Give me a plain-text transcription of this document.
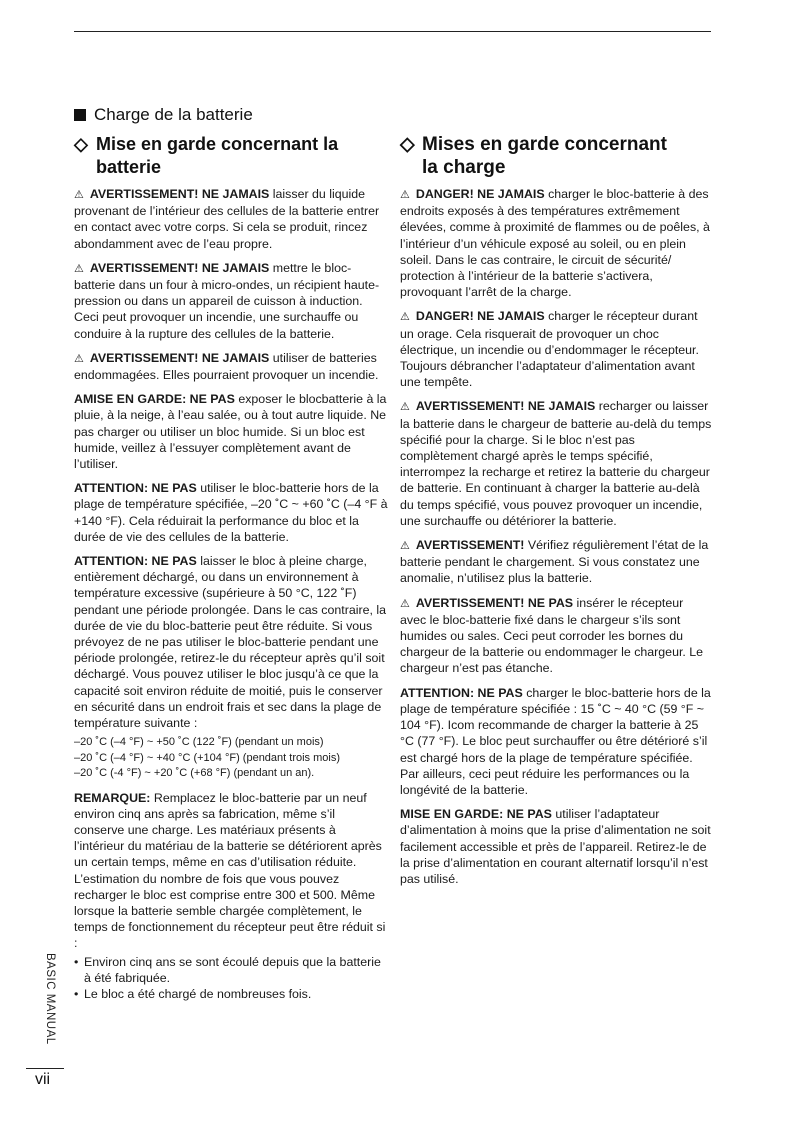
Charge de la batterie
◇ Mise en garde concernant la
batterie

⚠ AVERTISSEMENT! NE JAMAIS laisser du liquide provenant de l’intérieur des cellules de la batterie entrer en contact avec votre corps. Si cela se produit, rincez abondamment avec de l’eau propre.

⚠ AVERTISSEMENT! NE JAMAIS mettre le bloc-batterie dans un four à micro-ondes, un récipient haute-pression ou dans un appareil de cuisson à induction. Ceci peut provoquer un incendie, une surchauffe ou conduire à la rupture des cellules de la batterie.

⚠ AVERTISSEMENT! NE JAMAIS utiliser de batteries endommagées. Elles pourraient provoquer un incendie.

AMISE EN GARDE: NE PAS exposer le blocbatterie à la pluie, à la neige, à l’eau salée, ou à tout autre liquide. Ne pas charger ou utiliser un bloc humide. Si un bloc est humide, veillez à l’essuyer complètement avant de l’utiliser.

ATTENTION: NE PAS utiliser le bloc-batterie hors de la plage de température spécifiée, –20 ˚C ~ +60 ˚C (–4 °F à +140 °F). Cela réduirait la performance du bloc et la durée de vie des cellules de la batterie.

ATTENTION: NE PAS laisser le bloc à pleine charge, entièrement déchargé, ou dans un environnement à température excessive (supérieure à 50 °C, 122 ˚F) pendant une période prolongée. Dans le cas contraire, la durée de vie du bloc-batterie peut être réduite. Si vous prévoyez de ne pas utiliser le bloc-batterie pendant une période prolongée, retirez-le du récepteur après qu’il soit déchargé. Vous pouvez utiliser le bloc jusqu’à ce que la capacité soit environ réduite de moitié, puis le conserver en sécurité dans un endroit frais et sec dans la plage de température suivante :

–20 ˚C (–4 °F) ~ +50 ˚C (122 ˚F) (pendant un mois)
–20 ˚C (–4 °F) ~ +40 °C (+104 °F) (pendant trois mois)
–20 ˚C (-4 °F) ~ +20 ˚C (+68 °F) (pendant un an).

REMARQUE: Remplacez le bloc-batterie par un neuf environ cinq ans après sa fabrication, même s’il conserve une charge. Les matériaux présents à l’intérieur du matériau de la batterie se détériorent après un certain temps, même en cas d’utilisation réduite. L’estimation du nombre de fois que vous pouvez recharger le bloc est comprise entre 300 et 500. Même lorsque la batterie semble chargée complètement, le temps de fonctionnement du récepteur peut être réduit si :

• Environ cinq ans se sont écoulé depuis que la batterie à été fabriquée.
• Le bloc a été chargé de nombreuses fois.
◇ Mises en garde concernant
la charge

⚠ DANGER! NE JAMAIS charger le bloc-batterie à des endroits exposés à des températures extrêmement élevées, comme à proximité de flammes ou de poêles, à l’intérieur d’un véhicule exposé au soleil, ou en plein soleil. Dans le cas contraire, le circuit de sécurité/ protection à l’intérieur de la batterie s’activera, provoquant l’arrêt de la charge.

⚠ DANGER! NE JAMAIS charger le récepteur durant un orage. Cela risquerait de provoquer un choc électrique, un incendie ou d’endommager le récepteur. Toujours débrancher l’adaptateur d’alimentation avant une tempête.

⚠ AVERTISSEMENT! NE JAMAIS recharger ou laisser la batterie dans le chargeur de batterie au-delà du temps spécifié pour la charge. Si le bloc n’est pas complètement chargé après le temps spécifié, interrompez la recharge et retirez la batterie du chargeur de batterie. En continuant à charger la batterie au-delà du temps spécifié, vous pouvez provoquer un incendie, une surchauffe ou détériorer la batterie.

⚠ AVERTISSEMENT! Vérifiez régulièrement l’état de la batterie pendant le chargement. Si vous constatez une anomalie, n’utilisez plus la batterie.

⚠ AVERTISSEMENT! NE PAS insérer le récepteur avec le bloc-batterie fixé dans le chargeur s’ils sont humides ou sales. Ceci peut corroder les bornes du chargeur de la batterie ou endommager le chargeur. Le chargeur n’est pas étanche.

ATTENTION: NE PAS charger le bloc-batterie hors de la plage de température spécifiée : 15 ˚C ~ 40 °C (59 °F ~ 104 °F). Icom recommande de charger la batterie à 25 °C (77 °F). Le bloc peut surchauffer ou être détérioré s’il est chargé hors de la plage de température spécifiée. Par ailleurs, ceci peut réduire les performances ou la longévité de la batterie.

MISE EN GARDE: NE PAS utiliser l’adaptateur d’alimentation à moins que la prise d’alimentation ne soit facilement accessible et près de l’appareil. Retirez-le de la prise d’alimentation en courant alternatif lorsqu’il n’est pas utilisé.

BASIC MANUAL
vii
